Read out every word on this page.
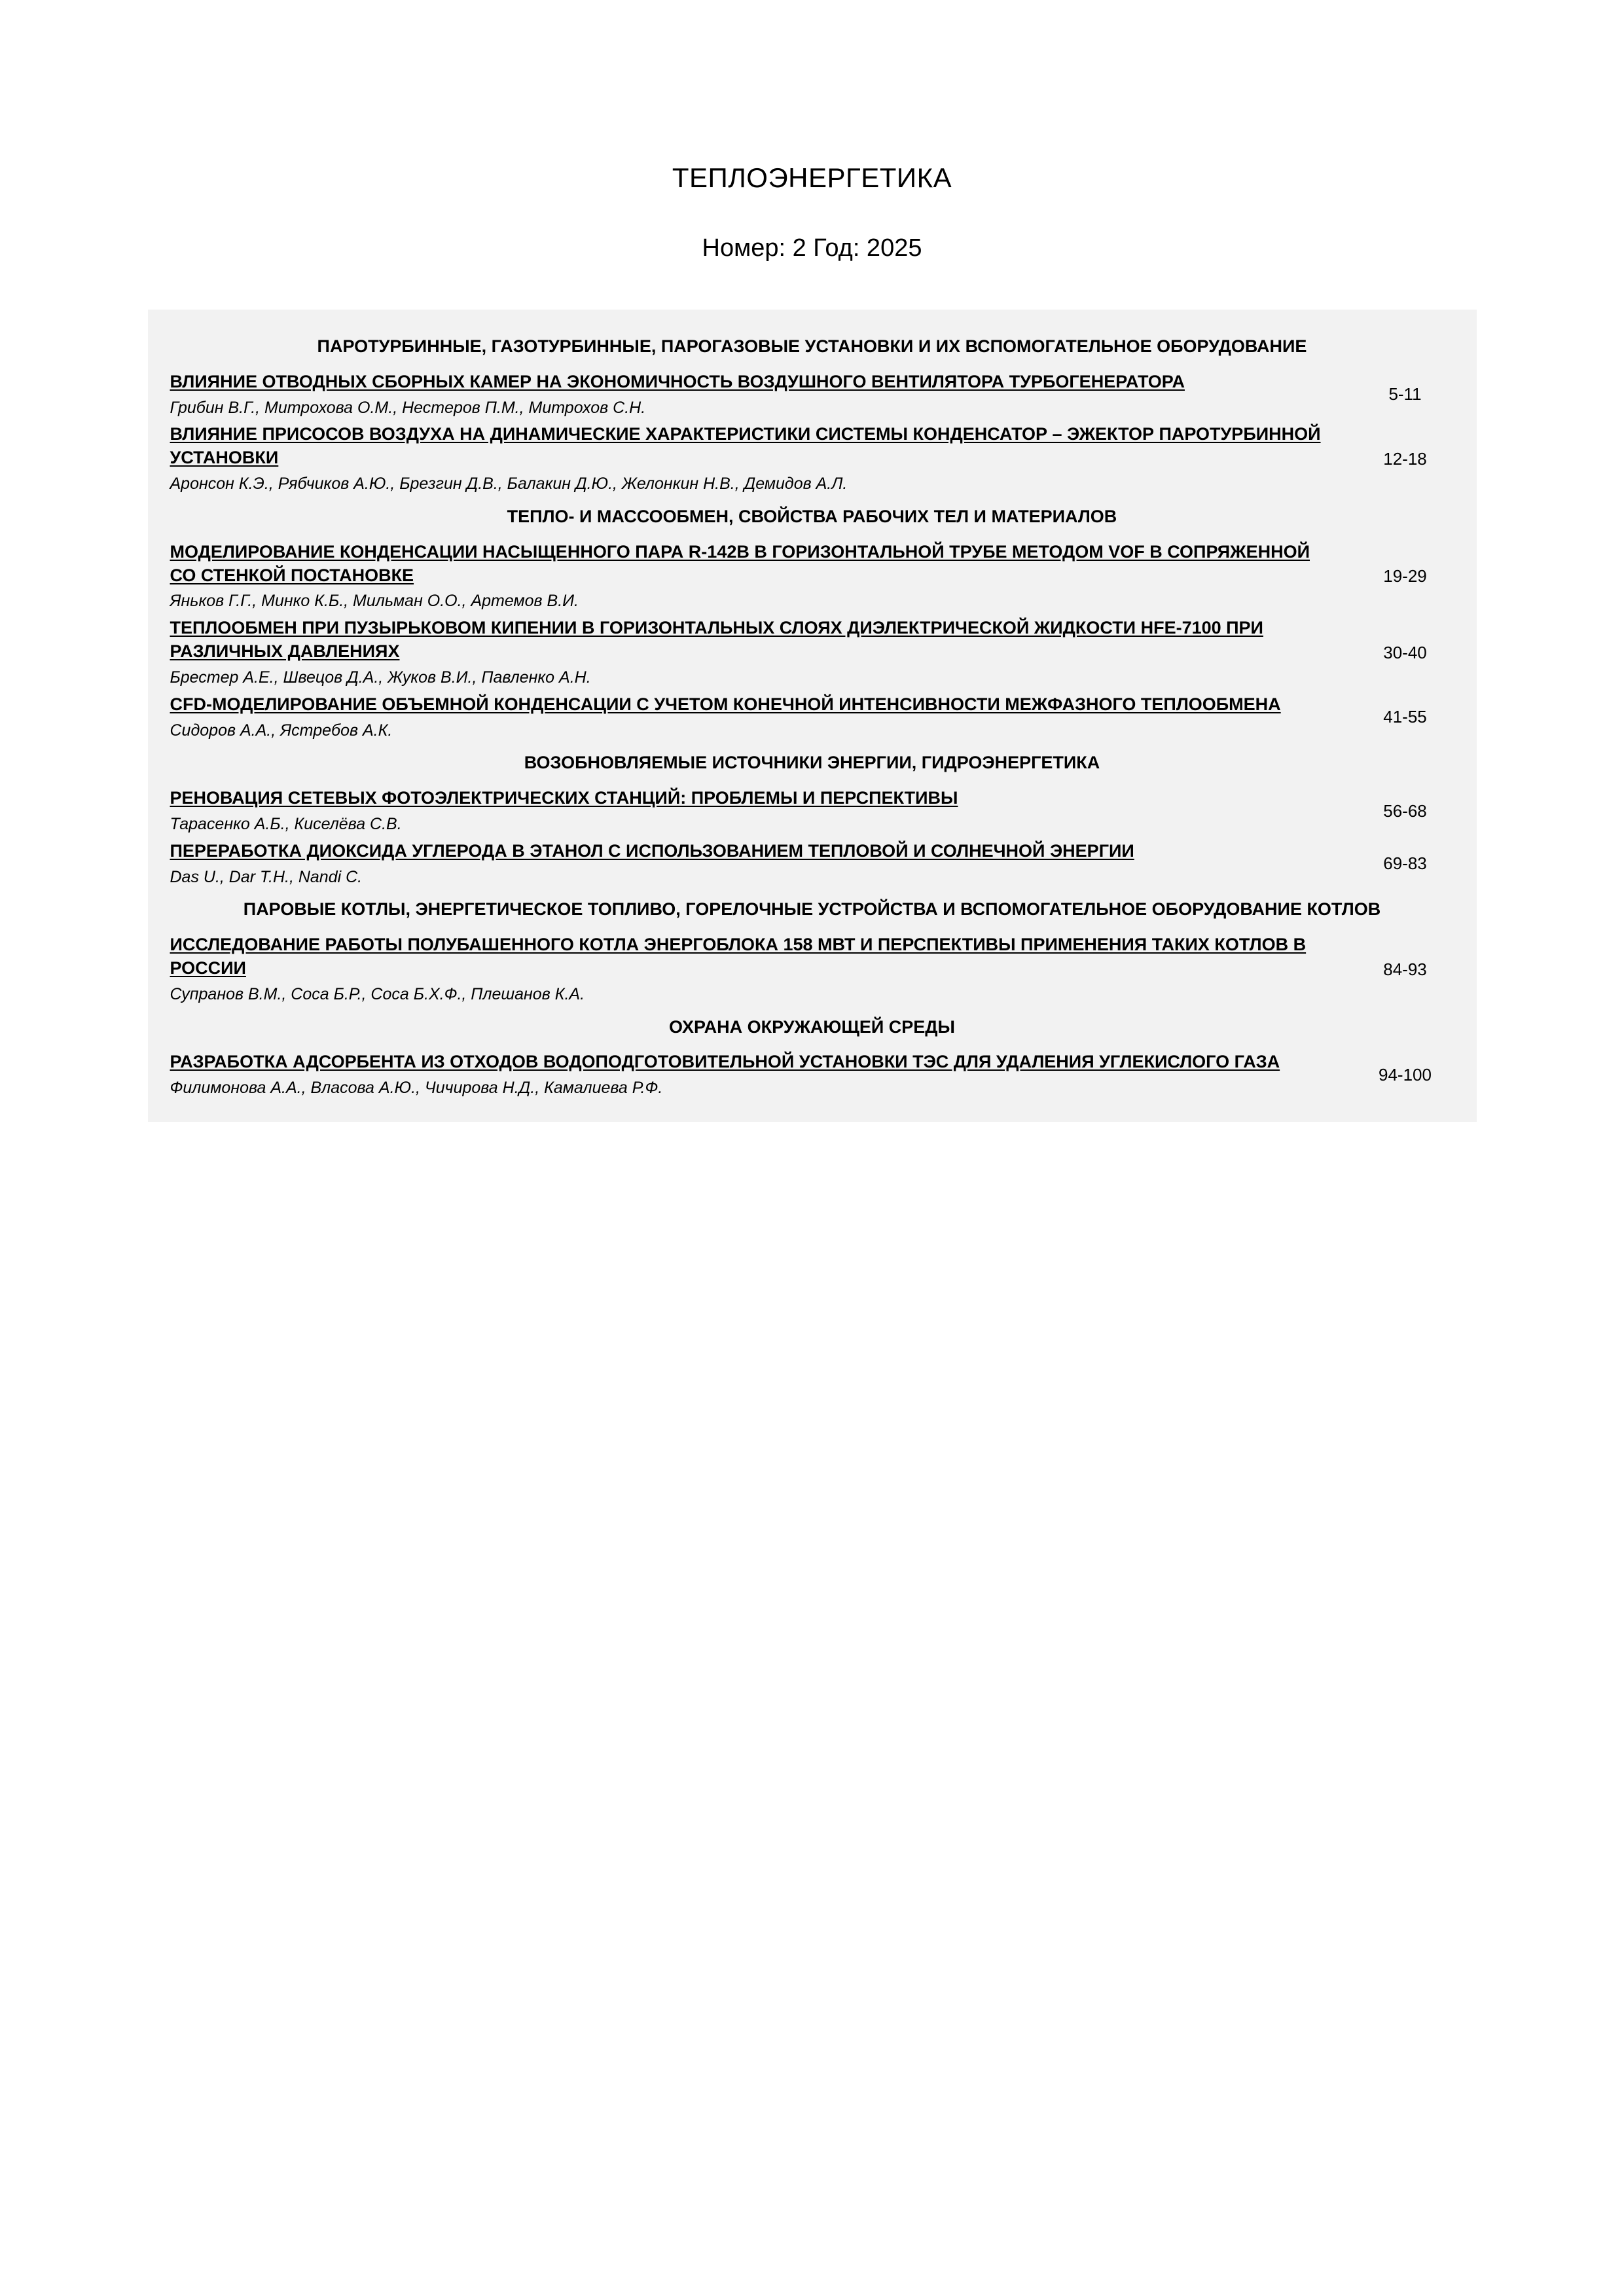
ТЕПЛОЭНЕРГЕТИКА
Номер: 2 Год: 2025
ПАРОТУРБИННЫЕ, ГАЗОТУРБИННЫЕ, ПАРОГАЗОВЫЕ УСТАНОВКИ И ИХ ВСПОМОГАТЕЛЬНОЕ ОБОРУДОВАНИЕ
ВЛИЯНИЕ ОТВОДНЫХ СБОРНЫХ КАМЕР НА ЭКОНОМИЧНОСТЬ ВОЗДУШНОГО ВЕНТИЛЯТОРА ТУРБОГЕНЕРАТОРА
Грибин В.Г., Митрохова О.М., Нестеров П.М., Митрохов С.Н.
5-11
ВЛИЯНИЕ ПРИСОСОВ ВОЗДУХА НА ДИНАМИЧЕСКИЕ ХАРАКТЕРИСТИКИ СИСТЕМЫ КОНДЕНСАТОР – ЭЖЕКТОР ПАРОТУРБИННОЙ УСТАНОВКИ
Аронсон К.Э., Рябчиков А.Ю., Брезгин Д.В., Балакин Д.Ю., Желонкин Н.В., Демидов А.Л.
12-18
ТЕПЛО- И МАССООБМЕН, СВОЙСТВА РАБОЧИХ ТЕЛ И МАТЕРИАЛОВ
МОДЕЛИРОВАНИЕ КОНДЕНСАЦИИ НАСЫЩЕННОГО ПАРА R-142B В ГОРИЗОНТАЛЬНОЙ ТРУБЕ МЕТОДОМ VOF В СОПРЯЖЕННОЙ СО СТЕНКОЙ ПОСТАНОВКЕ
Яньков Г.Г., Минко К.Б., Мильман О.О., Артемов В.И.
19-29
ТЕПЛООБМЕН ПРИ ПУЗЫРЬКОВОМ КИПЕНИИ В ГОРИЗОНТАЛЬНЫХ СЛОЯХ ДИЭЛЕКТРИЧЕСКОЙ ЖИДКОСТИ HFE-7100 ПРИ РАЗЛИЧНЫХ ДАВЛЕНИЯХ
Брестер А.Е., Швецов Д.А., Жуков В.И., Павленко А.Н.
30-40
CFD-МОДЕЛИРОВАНИЕ ОБЪЕМНОЙ КОНДЕНСАЦИИ С УЧЕТОМ КОНЕЧНОЙ ИНТЕНСИВНОСТИ МЕЖФАЗНОГО ТЕПЛООБМЕНА
Сидоров А.А., Ястребов А.К.
41-55
ВОЗОБНОВЛЯЕМЫЕ ИСТОЧНИКИ ЭНЕРГИИ, ГИДРОЭНЕРГЕТИКА
РЕНОВАЦИЯ СЕТЕВЫХ ФОТОЭЛЕКТРИЧЕСКИХ СТАНЦИЙ: ПРОБЛЕМЫ И ПЕРСПЕКТИВЫ
Тарасенко А.Б., Киселёва С.В.
56-68
ПЕРЕРАБОТКА ДИОКСИДА УГЛЕРОДА В ЭТАНОЛ С ИСПОЛЬЗОВАНИЕМ ТЕПЛОВОЙ И СОЛНЕЧНОЙ ЭНЕРГИИ
Das U., Dar T.H., Nandi C.
69-83
ПАРОВЫЕ КОТЛЫ, ЭНЕРГЕТИЧЕСКОЕ ТОПЛИВО, ГОРЕЛОЧНЫЕ УСТРОЙСТВА И ВСПОМОГАТЕЛЬНОЕ ОБОРУДОВАНИЕ КОТЛОВ
ИССЛЕДОВАНИЕ РАБОТЫ ПОЛУБАШЕННОГО КОТЛА ЭНЕРГОБЛОКА 158 МВТ И ПЕРСПЕКТИВЫ ПРИМЕНЕНИЯ ТАКИХ КОТЛОВ В РОССИИ
Супранов В.М., Соса Б.Р., Соса Б.Х.Ф., Плешанов К.А.
84-93
ОХРАНА ОКРУЖАЮЩЕЙ СРЕДЫ
РАЗРАБОТКА АДСОРБЕНТА ИЗ ОТХОДОВ ВОДОПОДГОТОВИТЕЛЬНОЙ УСТАНОВКИ ТЭС ДЛЯ УДАЛЕНИЯ УГЛЕКИСЛОГО ГАЗА
Филимонова А.А., Власова А.Ю., Чичирова Н.Д., Камалиева Р.Ф.
94-100
